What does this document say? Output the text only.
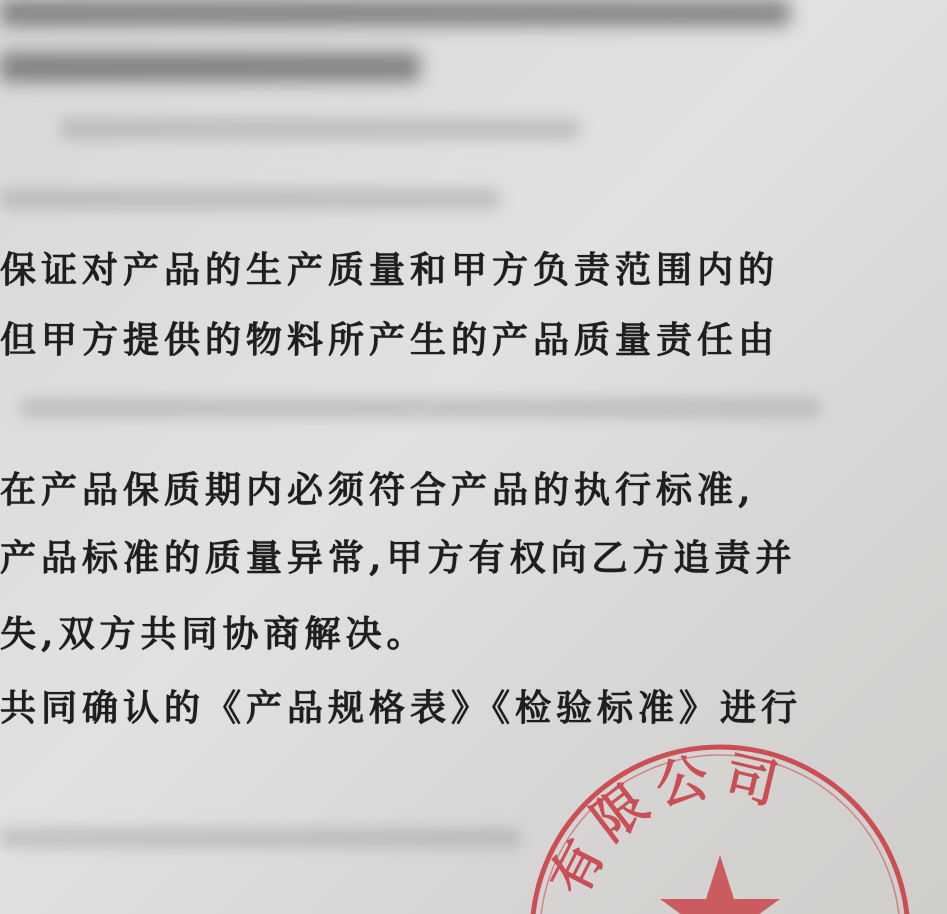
保证对产品的生产质量和甲方负责范围内的
但甲方提供的物料所产生的产品质量责任由
在产品保质期内必须符合产品的执行标准,
产品标准的质量异常,甲方有权向乙方追责并
失,双方共同协商解决。
共同确认的《产品规格表》《检验标准》进行
有限公司
